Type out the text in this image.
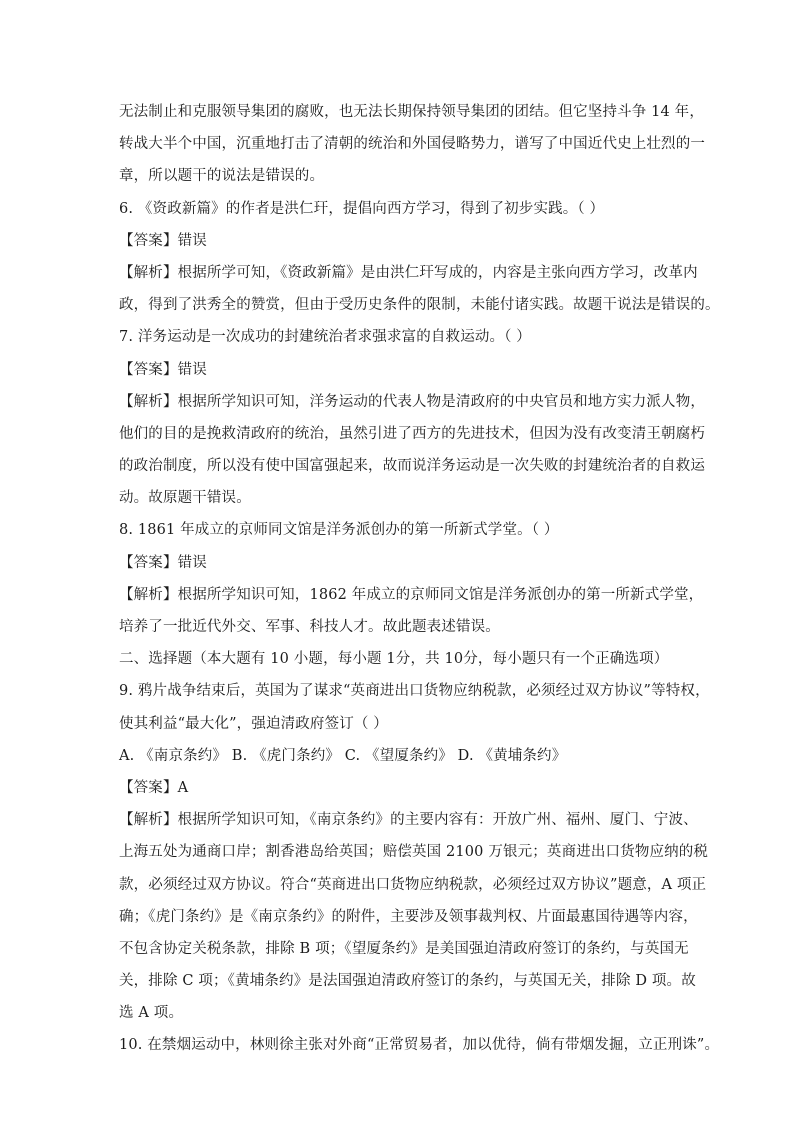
无法制止和克服领导集团的腐败，也无法长期保持领导集团的团结。但它坚持斗争 14 年，
转战大半个中国，沉重地打击了清朝的统治和外国侵略势力，谱写了中国近代史上壮烈的一
章，所以题干的说法是错误的。
6. 《资政新篇》的作者是洪仁玕，提倡向西方学习，得到了初步实践。（ ）
【答案】错误
【解析】根据所学可知，《资政新篇》是由洪仁玕写成的，内容是主张向西方学习，改革内
政，得到了洪秀全的赞赏，但由于受历史条件的限制，未能付诸实践。故题干说法是错误的。
7. 洋务运动是一次成功的封建统治者求强求富的自救运动。（ ）
【答案】错误
【解析】根据所学知识可知，洋务运动的代表人物是清政府的中央官员和地方实力派人物，
他们的目的是挽救清政府的统治，虽然引进了西方的先进技术，但因为没有改变清王朝腐朽
的政治制度，所以没有使中国富强起来，故而说洋务运动是一次失败的封建统治者的自救运
动。故原题干错误。
8. 1861 年成立的京师同文馆是洋务派创办的第一所新式学堂。（ ）
【答案】错误
【解析】根据所学知识可知，1862 年成立的京师同文馆是洋务派创办的第一所新式学堂，
培养了一批近代外交、军事、科技人才。故此题表述错误。
二、选择题（本大题有 10 小题，每小题 1分，共 10分，每小题只有一个正确选项）
9. 鸦片战争结束后，英国为了谋求“英商进出口货物应纳税款，必须经过双方协议”等特权，
使其利益“最大化”，强迫清政府签订（ ）
A. 《南京条约》 B. 《虎门条约》 C. 《望厦条约》 D. 《黄埔条约》
【答案】A
【解析】根据所学知识可知，《南京条约》的主要内容有：开放广州、福州、厦门、宁波、
上海五处为通商口岸；割香港岛给英国；赔偿英国 2100 万银元；英商进出口货物应纳的税
款，必须经过双方协议。符合“英商进出口货物应纳税款，必须经过双方协议”题意，A 项正
确；《虎门条约》是《南京条约》的附件，主要涉及领事裁判权、片面最惠国待遇等内容，
不包含协定关税条款，排除 B 项；《望厦条约》是美国强迫清政府签订的条约，与英国无
关，排除 C 项；《黄埔条约》是法国强迫清政府签订的条约，与英国无关，排除 D 项。故
选 A 项。
10. 在禁烟运动中，林则徐主张对外商“正常贸易者，加以优待，倘有带烟发掘，立正刑诛”。
